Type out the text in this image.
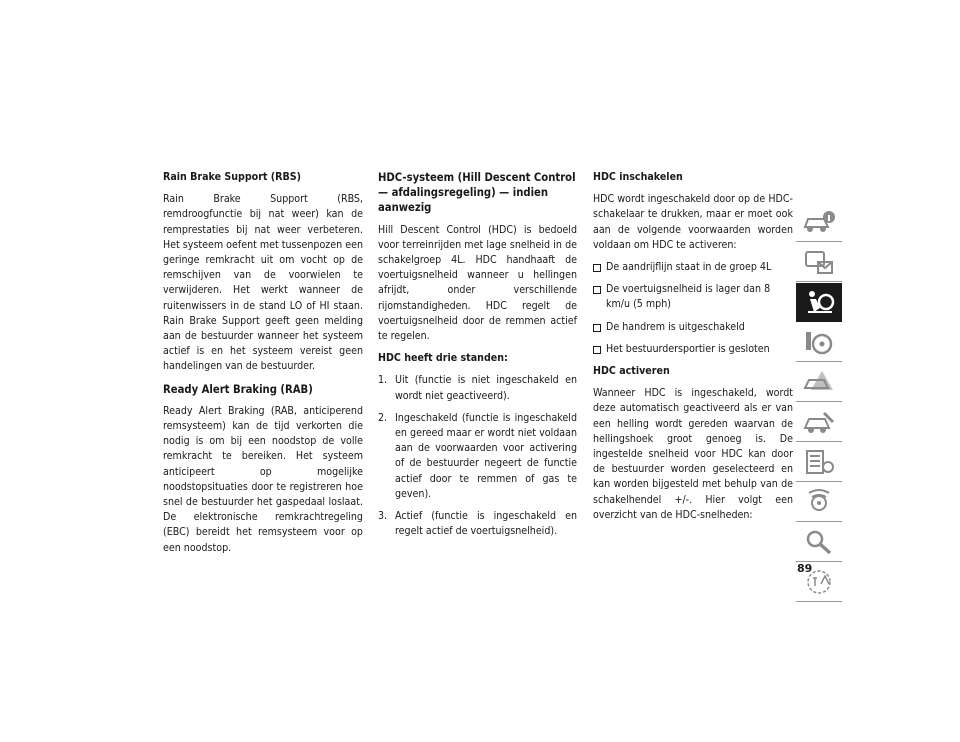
Rain Brake Support (RBS)

Rain Brake Support (RBS, remdroogfunctie bij nat weer) kan de remprestaties bij nat weer verbeteren. Het systeem oefent met tussenpozen een geringe remkracht uit om vocht op de remschijven van de voorwielen te verwijderen. Het werkt wanneer de ruitenwissers in de stand LO of HI staan. Rain Brake Support geeft geen melding aan de bestuurder wanneer het systeem actief is en het systeem vereist geen handelingen van de bestuurder.

Ready Alert Braking (RAB)

Ready Alert Braking (RAB, anticiperend remsysteem) kan de tijd verkorten die nodig is om bij een noodstop de volle remkracht te bereiken. Het systeem anticipeert op mogelijke noodstopsituaties door te registreren hoe snel de bestuurder het gaspedaal loslaat. De elektronische remkrachtregeling (EBC) bereidt het remsysteem voor op een noodstop.

HDC-systeem (Hill Descent Control — afdalingsregeling) — indien aanwezig

Hill Descent Control (HDC) is bedoeld voor terreinrijden met lage snelheid in de schakelgroep 4L. HDC handhaaft de voertuigsnelheid wanneer u hellingen afrijdt, onder verschillende rijomstandigheden. HDC regelt de voertuigsnelheid door de remmen actief te regelen.

HDC heeft drie standen:
1. Uit (functie is niet ingeschakeld en wordt niet geactiveerd).
2. Ingeschakeld (functie is ingeschakeld en gereed maar er wordt niet voldaan aan de voorwaarden voor activering of de bestuurder negeert de functie actief door te remmen of gas te geven).
3. Actief (functie is ingeschakeld en regelt actief de voertuigsnelheid).
HDC inschakelen

HDC wordt ingeschakeld door op de HDC-schakelaar te drukken, maar er moet ook aan de volgende voorwaarden worden voldaan om HDC te activeren:

De aandrijflijn staat in de groep 4L
De voertuigsnelheid is lager dan 8 km/u (5 mph)
De handrem is uitgeschakeld
Het bestuurdersportier is gesloten
HDC activeren

Wanneer HDC is ingeschakeld, wordt deze automatisch geactiveerd als er van een helling wordt gereden waarvan de hellingshoek groot genoeg is. De ingestelde snelheid voor HDC kan door de bestuurder worden geselecteerd en kan worden bijgesteld met behulp van de schakelhendel +/-. Hier volgt een overzicht van de HDC-snelheden:

89
